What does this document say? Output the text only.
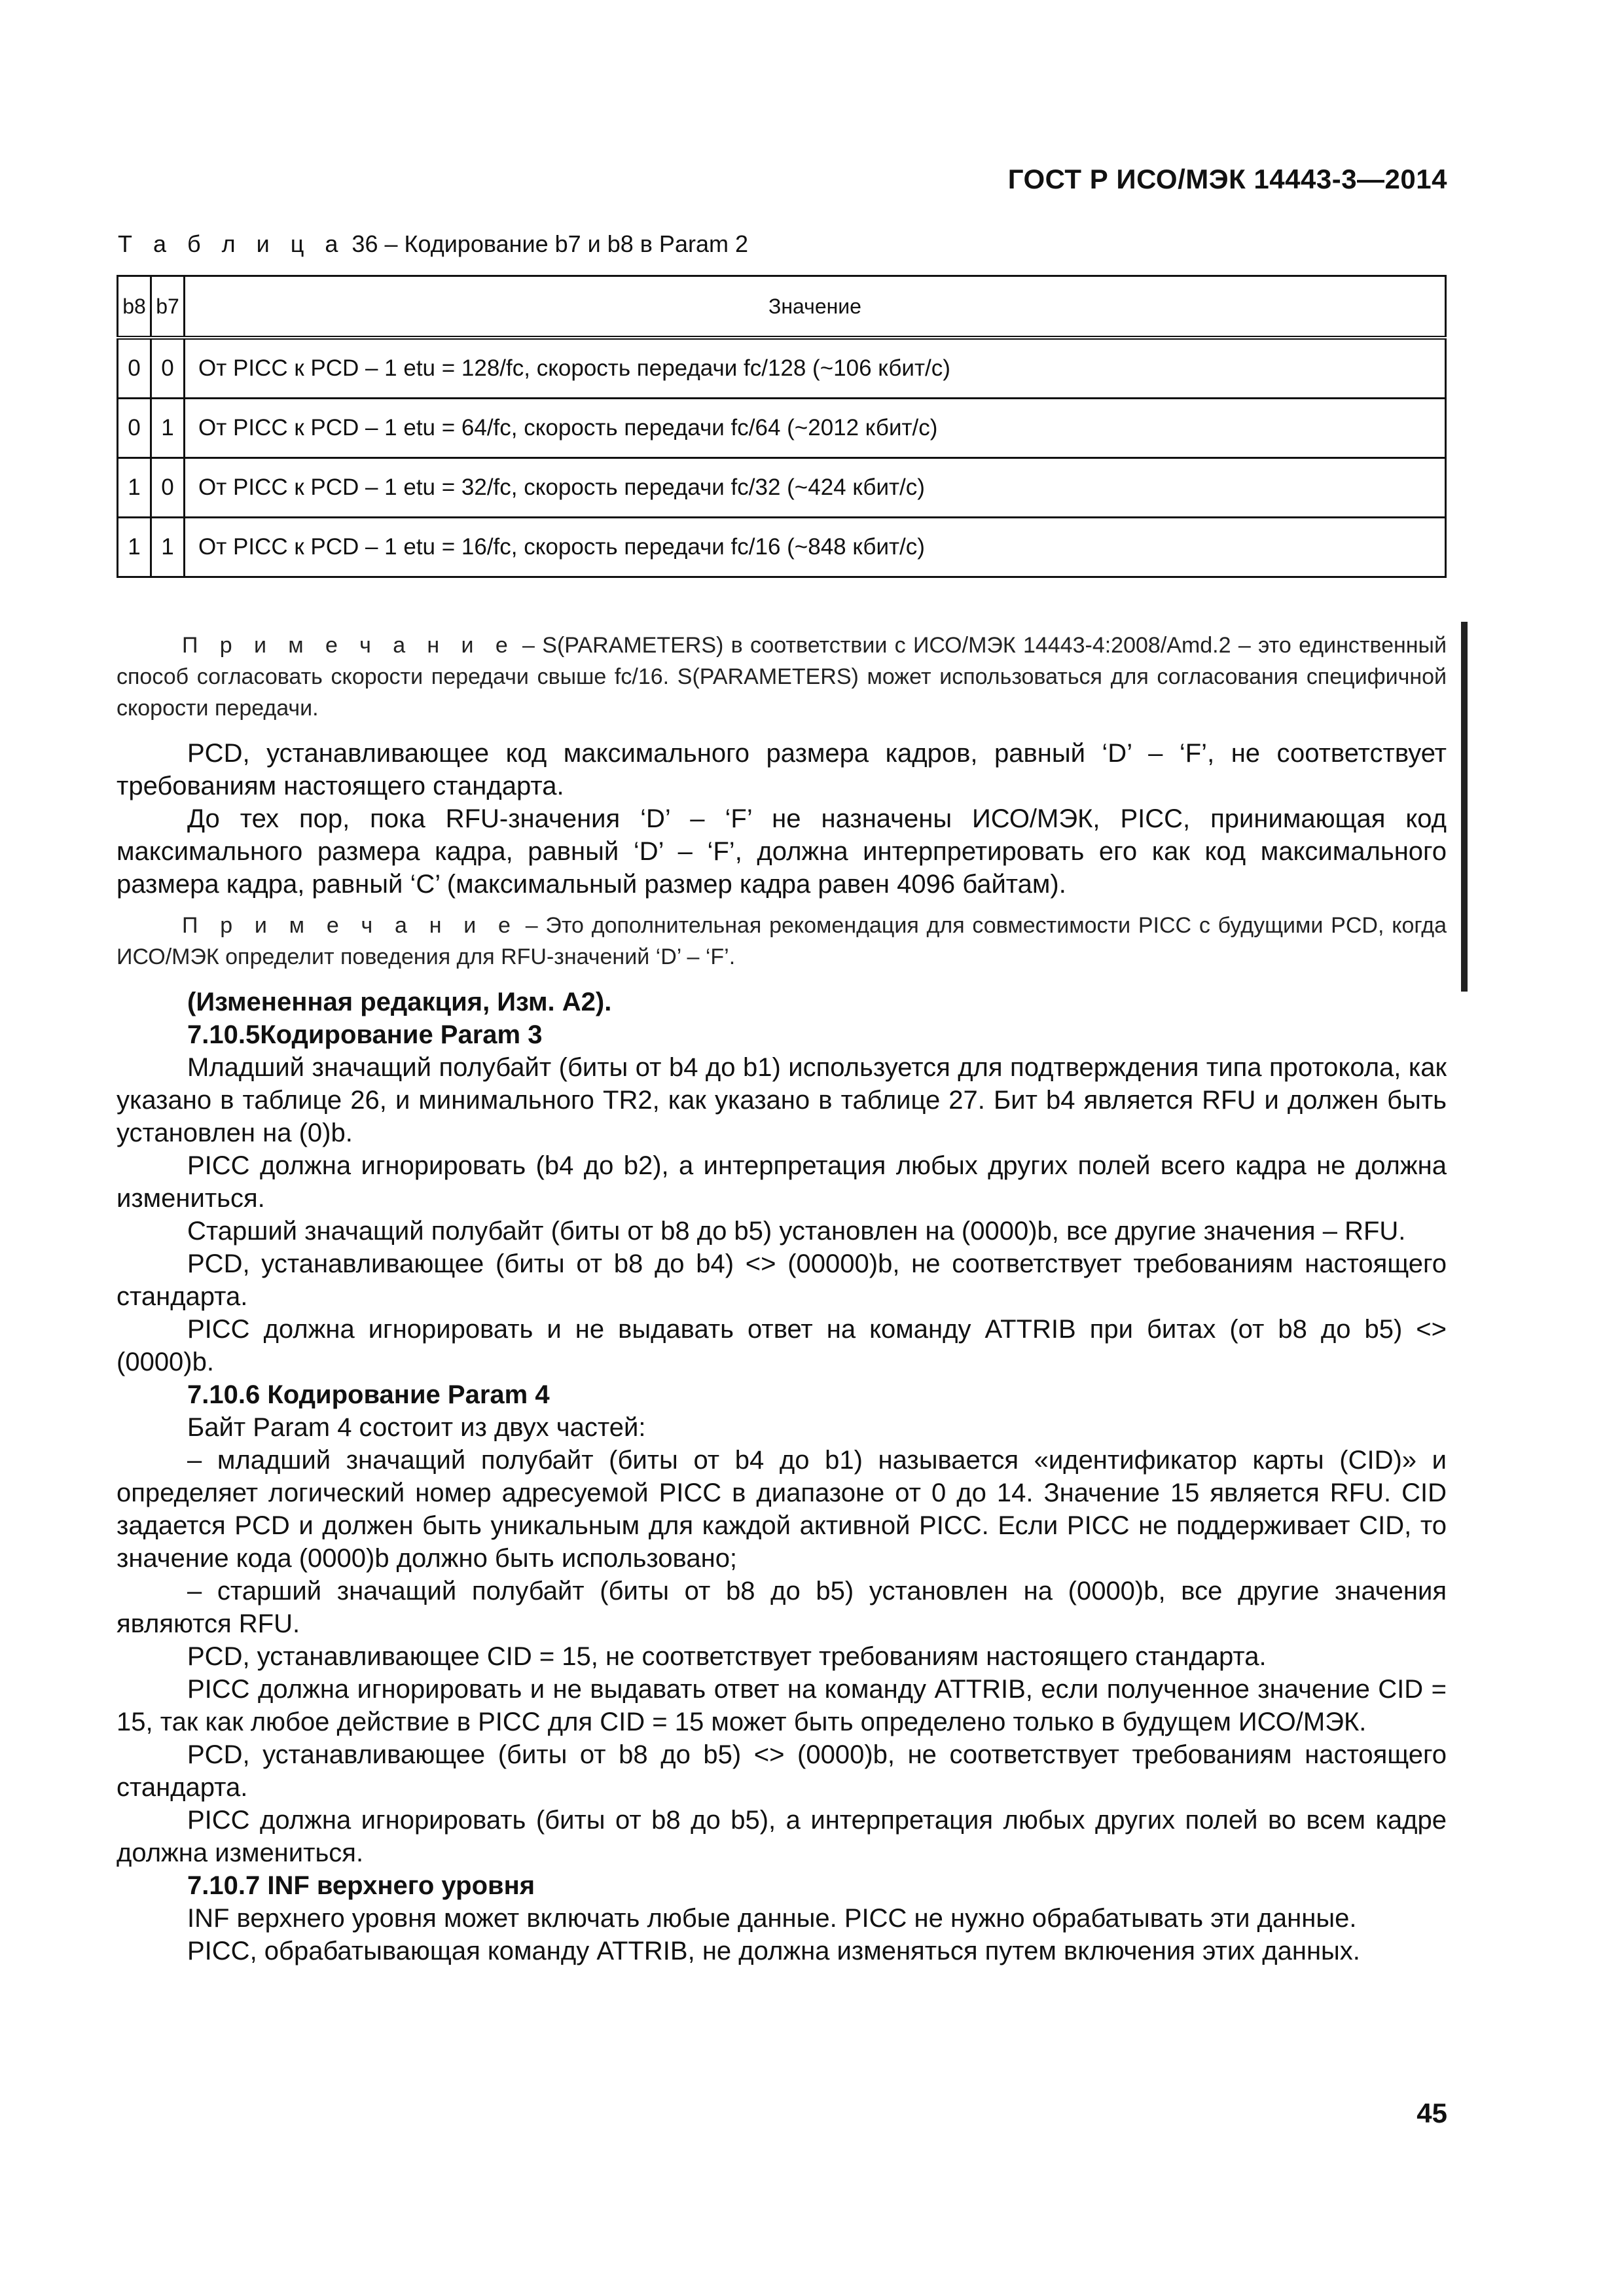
ГОСТ Р ИСО/МЭК 14443-3—2014
Т а б л и ц а 36 – Кодирование b7 и b8 в Param 2
b8	b7	Значение
0	0	От PICC к PCD – 1 etu = 128/fc, скорость передачи fc/128 (~106 кбит/с)
0	1	От PICC к PCD – 1 etu = 64/fc, скорость передачи fc/64 (~2012 кбит/с)
1	0	От PICC к PCD – 1 etu = 32/fc, скорость передачи fc/32 (~424 кбит/с)
1	1	От PICC к PCD – 1 etu = 16/fc, скорость передачи fc/16 (~848 кбит/с)

П р и м е ч а н и е – S(PARAMETERS) в соответствии с ИСО/МЭК 14443-4:2008/Amd.2 – это единственный способ согласовать скорости передачи свыше fc/16. S(PARAMETERS) может использоваться для согласования специфичной скорости передачи.

PCD, устанавливающее код максимального размера кадров, равный ‘D’ – ‘F’, не соответствует требованиям настоящего стандарта.

До тех пор, пока RFU-значения ‘D’ – ‘F’ не назначены ИСО/МЭК, PICC, принимающая код максимального размера кадра, равный ‘D’ – ‘F’, должна интерпретировать его как код максимального размера кадра, равный ‘C’ (максимальный размер кадра равен 4096 байтам).

П р и м е ч а н и е – Это дополнительная рекомендация для совместимости PICC с будущими PCD, когда ИСО/МЭК определит поведения для RFU-значений ‘D’ – ‘F’.

(Измененная редакция, Изм. А2).

7.10.5Кодирование Param 3

Младший значащий полубайт (биты от b4 до b1) используется для подтверждения типа протокола, как указано в таблице 26, и минимального TR2, как указано в таблице 27. Бит b4 является RFU и должен быть установлен на (0)b.

PICC должна игнорировать (b4 до b2), а интерпретация любых других полей всего кадра не должна измениться.

Старший значащий полубайт (биты от b8 до b5) установлен на (0000)b, все другие значения – RFU.

PCD, устанавливающее (биты от b8 до b4) <> (00000)b, не соответствует требованиям настоящего стандарта.

PICC должна игнорировать и не выдавать ответ на команду ATTRIB при битах (от b8 до b5) <> (0000)b.

7.10.6 Кодирование Param 4

Байт Param 4 состоит из двух частей:

– младший значащий полубайт (биты от b4 до b1) называется «идентификатор карты (CID)» и определяет логический номер адресуемой PICC в диапазоне от 0 до 14. Значение 15 является RFU. CID задается PCD и должен быть уникальным для каждой активной PICC. Если PICC не поддерживает CID, то значение кода (0000)b должно быть использовано;

– старший значащий полубайт (биты от b8 до b5) установлен на (0000)b, все другие значения являются RFU.

PCD, устанавливающее CID = 15, не соответствует требованиям настоящего стандарта.

PICC должна игнорировать и не выдавать ответ на команду ATTRIB, если полученное значение CID = 15, так как любое действие в PICC для CID = 15 может быть определено только в будущем ИСО/МЭК.

PCD, устанавливающее (биты от b8 до b5) <> (0000)b, не соответствует требованиям настоящего стандарта.

PICC должна игнорировать (биты от b8 до b5), а интерпретация любых других полей во всем кадре должна измениться.

7.10.7 INF верхнего уровня

INF верхнего уровня может включать любые данные. PICC не нужно обрабатывать эти данные.

PICC, обрабатывающая команду ATTRIB, не должна изменяться путем включения этих данных.

45
